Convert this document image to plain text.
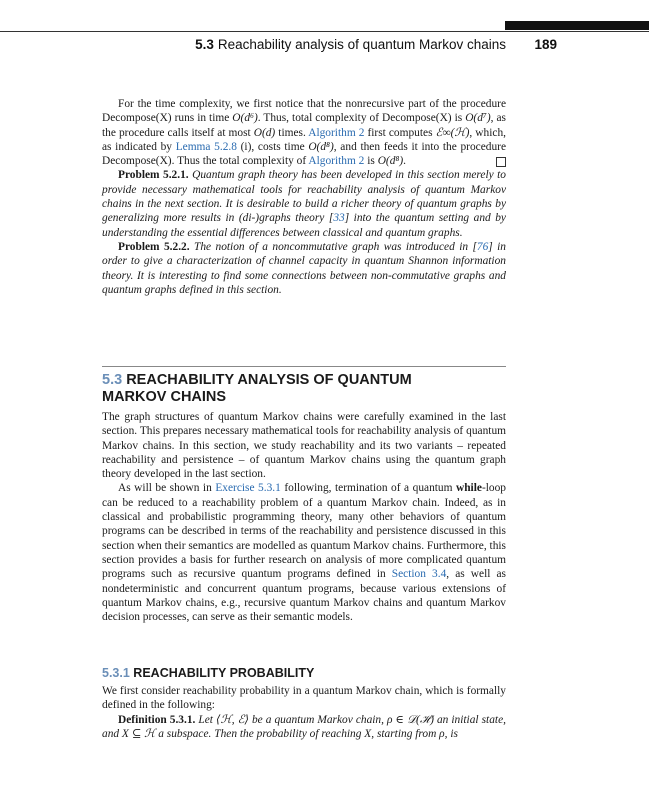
5.3 Reachability analysis of quantum Markov chains 189

For the time complexity, we first notice that the nonrecursive part of the procedure Decompose(X) runs in time O(d⁶). Thus, total complexity of Decompose(X) is O(d⁷), as the procedure calls itself at most O(d) times. Algorithm 2 first computes ℰ∞(ℋ), which, as indicated by Lemma 5.2.8 (i), costs time O(d⁸), and then feeds it into the procedure Decompose(X). Thus the total complexity of Algorithm 2 is O(d⁸).

Problem 5.2.1. Quantum graph theory has been developed in this section merely to provide necessary mathematical tools for reachability analysis of quantum Markov chains in the next section. It is desirable to build a richer theory of quantum graphs by generalizing more results in (di-)graphs theory [33] into the quantum setting and by understanding the essential differences between classical and quantum graphs.

Problem 5.2.2. The notion of a noncommutative graph was introduced in [76] in order to give a characterization of channel capacity in quantum Shannon information theory. It is interesting to find some connections between non-commutative graphs and quantum graphs defined in this section.

5.3 REACHABILITY ANALYSIS OF QUANTUM
MARKOV CHAINS

The graph structures of quantum Markov chains were carefully examined in the last section. This prepares necessary mathematical tools for reachability analysis of quantum Markov chains. In this section, we study reachability and its two variants – repeated reachability and persistence – of quantum Markov chains using the quantum graph theory developed in the last section.

As will be shown in Exercise 5.3.1 following, termination of a quantum while-loop can be reduced to a reachability problem of a quantum Markov chain. Indeed, as in classical and probabilistic programming theory, many other behaviors of quantum programs can be described in terms of the reachability and persistence discussed in this section when their semantics are modelled as quantum Markov chains. Furthermore, this section provides a basis for further research on analysis of more complicated quantum programs such as recursive quantum programs defined in Section 3.4, as well as nondeterministic and concurrent quantum programs, because various extensions of quantum Markov chains, e.g., recursive quantum Markov chains and quantum Markov decision processes, can serve as their semantic models.

5.3.1 REACHABILITY PROBABILITY

We first consider reachability probability in a quantum Markov chain, which is formally defined in the following:

Definition 5.3.1. Let ⟨ℋ, ℰ⟩ be a quantum Markov chain, ρ ∈ 𝒟(ℋ) an initial state, and X ⊆ ℋ a subspace. Then the probability of reaching X, starting from ρ, is
